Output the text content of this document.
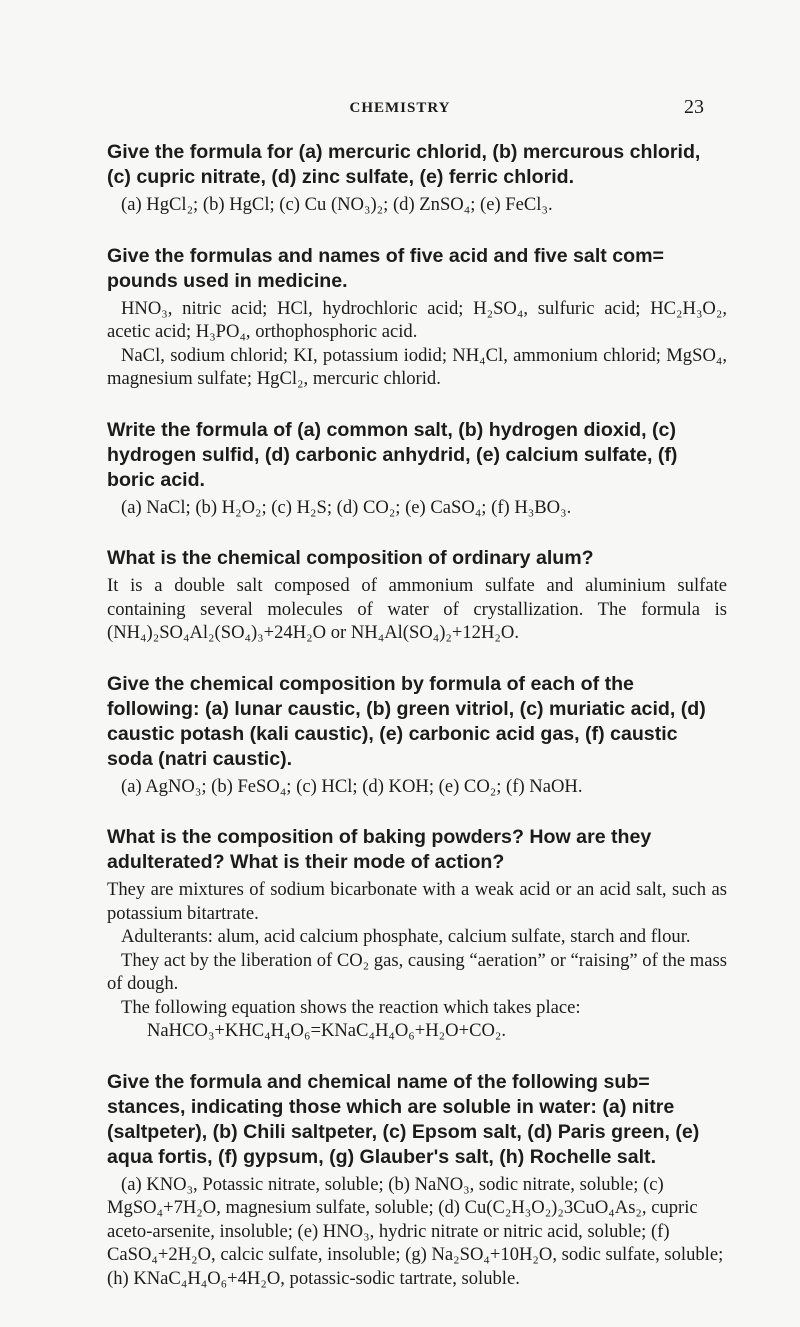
CHEMISTRY	23
Give the formula for (a) mercuric chlorid, (b) mercurous chlorid, (c) cupric nitrate, (d) zinc sulfate, (e) ferric chlorid.

(a) HgCl₂; (b) HgCl; (c) Cu (NO₃)₂; (d) ZnSO₄; (e) FeCl₃.

Give the formulas and names of five acid and five salt com= pounds used in medicine.

HNO₃, nitric acid; HCl, hydrochloric acid; H₂SO₄, sulfuric acid; HC₂H₃O₂, acetic acid; H₃PO₄, orthophosphoric acid.

NaCl, sodium chlorid; KI, potassium iodid; NH₄Cl, ammonium chlorid; MgSO₄, magnesium sulfate; HgCl₂, mercuric chlorid.

Write the formula of (a) common salt, (b) hydrogen dioxid, (c) hydrogen sulfid, (d) carbonic anhydrid, (e) calcium sulfate, (f) boric acid.

(a) NaCl; (b) H₂O₂; (c) H₂S; (d) CO₂; (e) CaSO₄; (f) H₃BO₃.

What is the chemical composition of ordinary alum?

It is a double salt composed of ammonium sulfate and aluminium sulfate containing several molecules of water of crystallization. The formula is (NH₄)₂SO₄Al₂(SO₄)₃+24H₂O or NH₄Al(SO₄)₂+12H₂O.

Give the chemical composition by formula of each of the following: (a) lunar caustic, (b) green vitriol, (c) muriatic acid, (d) caustic potash (kali caustic), (e) carbonic acid gas, (f) caustic soda (natri caustic).

(a) AgNO₃; (b) FeSO₄; (c) HCl; (d) KOH; (e) CO₂; (f) NaOH.

What is the composition of baking powders? How are they adulterated? What is their mode of action?

They are mixtures of sodium bicarbonate with a weak acid or an acid salt, such as potassium bitartrate.

Adulterants: alum, acid calcium phosphate, calcium sulfate, starch and flour.

They act by the liberation of CO₂ gas, causing “aeration” or “raising” of the mass of dough.

The following equation shows the reaction which takes place:

NaHCO₃+KHC₄H₄O₆=KNaC₄H₄O₆+H₂O+CO₂.

Give the formula and chemical name of the following sub= stances, indicating those which are soluble in water: (a) nitre (saltpeter), (b) Chili saltpeter, (c) Epsom salt, (d) Paris green, (e) aqua fortis, (f) gypsum, (g) Glauber's salt, (h) Rochelle salt.

(a) KNO₃, Potassic nitrate, soluble; (b) NaNO₃, sodic nitrate, soluble; (c) MgSO₄+7H₂O, magnesium sulfate, soluble; (d) Cu(C₂H₃O₂)₂3CuO₄As₂, cupric aceto-arsenite, insoluble; (e) HNO₃, hydric nitrate or nitric acid, soluble; (f) CaSO₄+2H₂O, calcic sulfate, insoluble; (g) Na₂SO₄+10H₂O, sodic sulfate, soluble; (h) KNaC₄H₄O₆+4H₂O, potassic-sodic tartrate, soluble.
